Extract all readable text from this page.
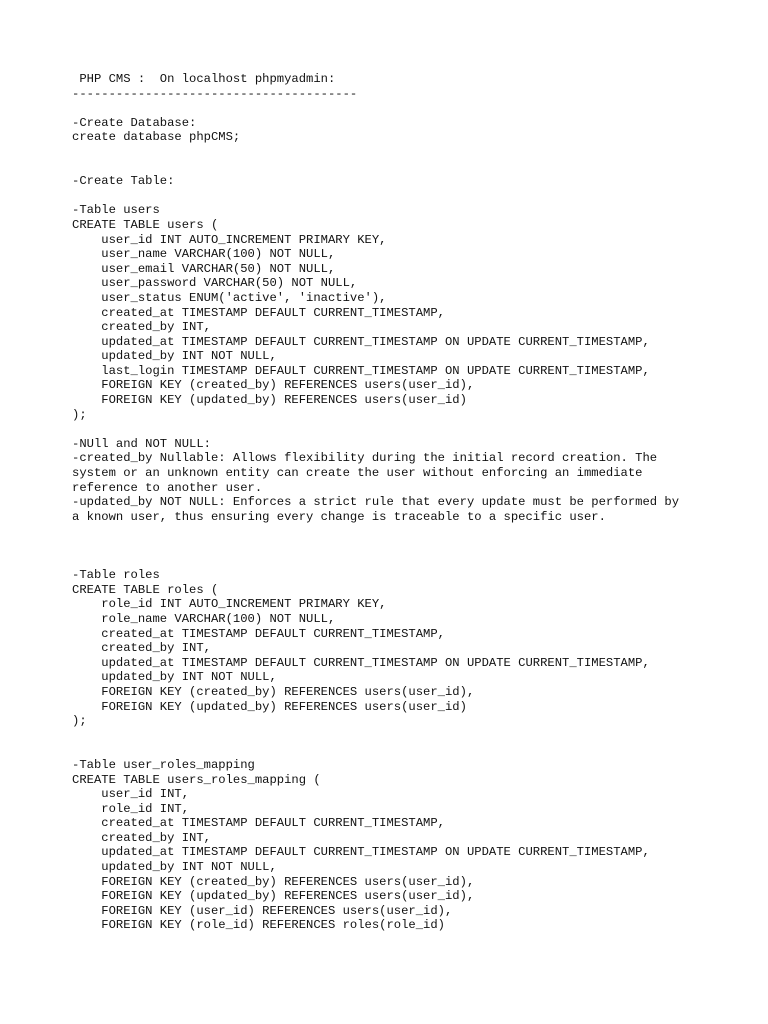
PHP CMS :  On localhost phpmyadmin:
---------------------------------------
-Create Database:
create database phpCMS;
-Create Table:
-Table users
CREATE TABLE users (
user_id INT AUTO_INCREMENT PRIMARY KEY,
user_name VARCHAR(100) NOT NULL,
user_email VARCHAR(50) NOT NULL,
user_password VARCHAR(50) NOT NULL,
user_status ENUM('active', 'inactive'),
created_at TIMESTAMP DEFAULT CURRENT_TIMESTAMP,
created_by INT,
updated_at TIMESTAMP DEFAULT CURRENT_TIMESTAMP ON UPDATE CURRENT_TIMESTAMP,
updated_by INT NOT NULL,
last_login TIMESTAMP DEFAULT CURRENT_TIMESTAMP ON UPDATE CURRENT_TIMESTAMP,
FOREIGN KEY (created_by) REFERENCES users(user_id),
FOREIGN KEY (updated_by) REFERENCES users(user_id)
);
-NUll and NOT NULL:
-created_by Nullable: Allows flexibility during the initial record creation. The
system or an unknown entity can create the user without enforcing an immediate
reference to another user.
-updated_by NOT NULL: Enforces a strict rule that every update must be performed by
a known user, thus ensuring every change is traceable to a specific user.
-Table roles
CREATE TABLE roles (
role_id INT AUTO_INCREMENT PRIMARY KEY,
role_name VARCHAR(100) NOT NULL,
created_at TIMESTAMP DEFAULT CURRENT_TIMESTAMP,
created_by INT,
updated_at TIMESTAMP DEFAULT CURRENT_TIMESTAMP ON UPDATE CURRENT_TIMESTAMP,
updated_by INT NOT NULL,
FOREIGN KEY (created_by) REFERENCES users(user_id),
FOREIGN KEY (updated_by) REFERENCES users(user_id)
);
-Table user_roles_mapping
CREATE TABLE users_roles_mapping (
user_id INT,
role_id INT,
created_at TIMESTAMP DEFAULT CURRENT_TIMESTAMP,
created_by INT,
updated_at TIMESTAMP DEFAULT CURRENT_TIMESTAMP ON UPDATE CURRENT_TIMESTAMP,
updated_by INT NOT NULL,
FOREIGN KEY (created_by) REFERENCES users(user_id),
FOREIGN KEY (updated_by) REFERENCES users(user_id),
FOREIGN KEY (user_id) REFERENCES users(user_id),
FOREIGN KEY (role_id) REFERENCES roles(role_id)
